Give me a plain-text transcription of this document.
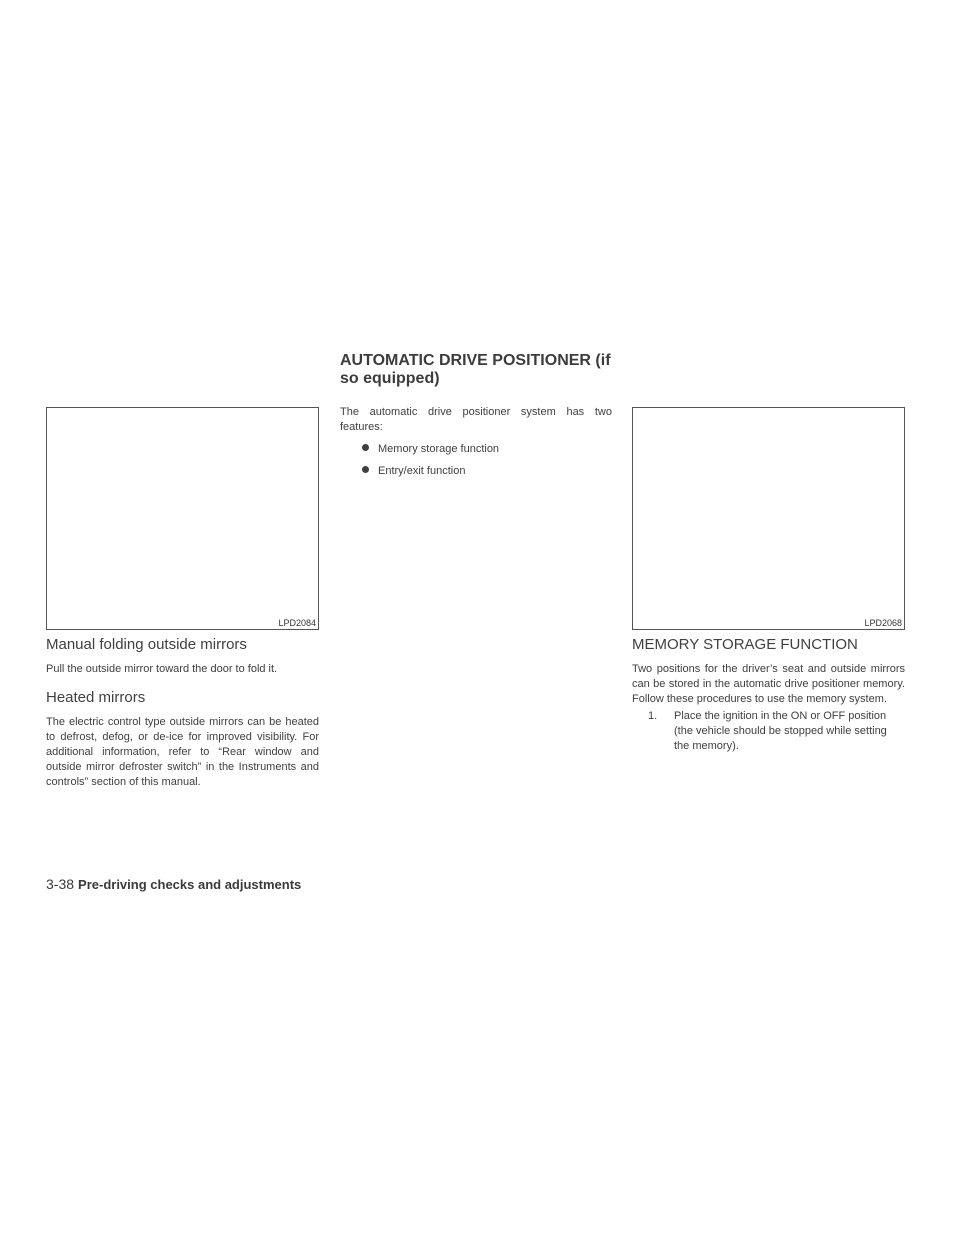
AUTOMATIC DRIVE POSITIONER (if so equipped)
LPD2084	LPD2068
Manual folding outside mirrors

Pull the outside mirror toward the door to fold it.

Heated mirrors

The electric control type outside mirrors can be heated to defrost, defog, or de-ice for improved visibility. For additional information, refer to “Rear window and outside mirror defroster switch” in the Instruments and controls” section of this manual.

The automatic drive positioner system has two features:

Memory storage function
Entry/exit function
MEMORY STORAGE FUNCTION

Two positions for the driver’s seat and outside mirrors can be stored in the automatic drive positioner memory. Follow these procedures to use the memory system.

1.	Place the ignition in the ON or OFF position (the vehicle should be stopped while setting the memory).
3-38 Pre-driving checks and adjustments
